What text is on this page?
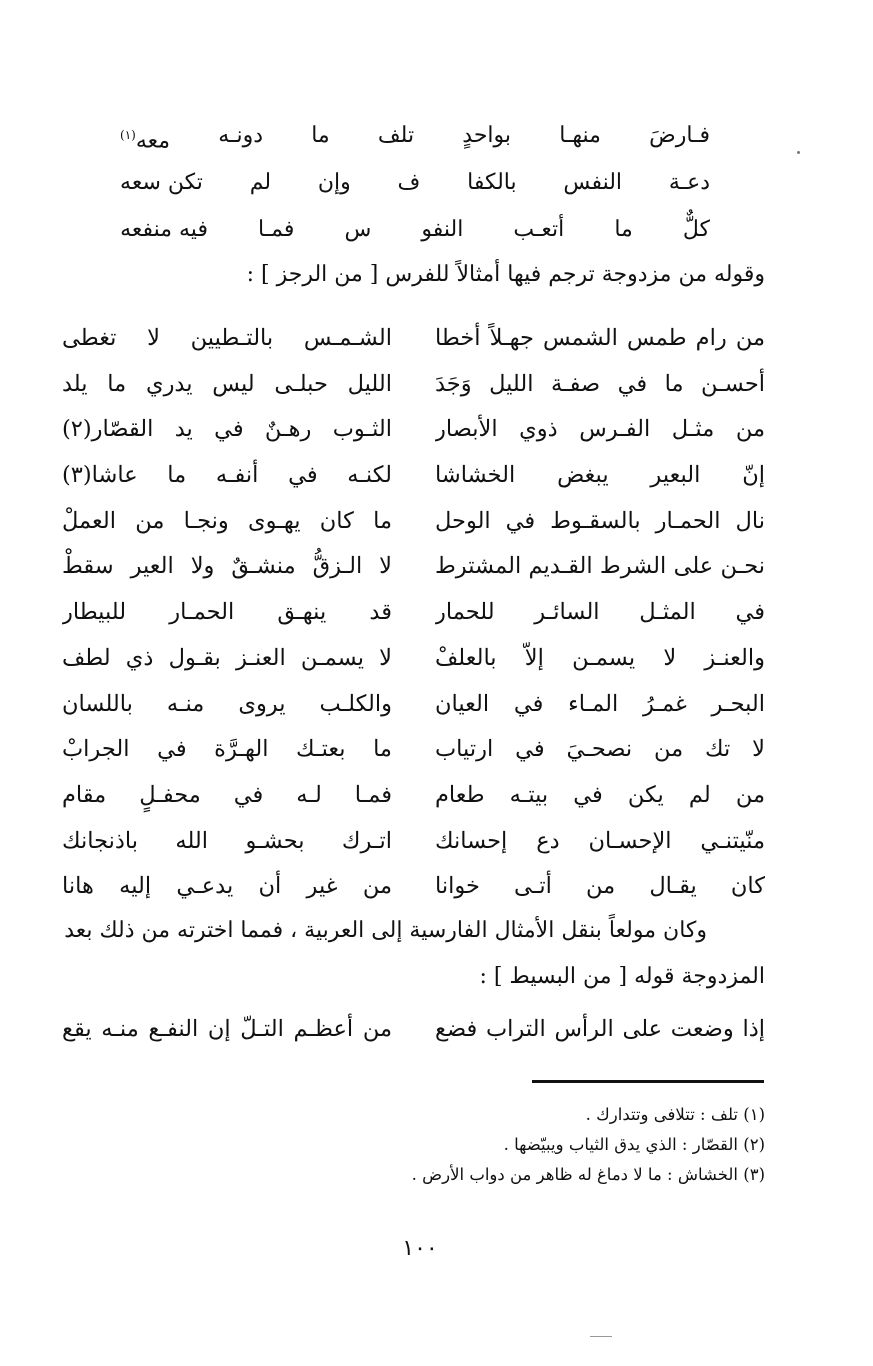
فـارضَ
منهـا
بواحدٍ
تلف
ما
دونـه
معه$^{(١)}$
دعـة
النفس
بالكفا
ف
وإن
لم
تكن سعه
كلٌّ
ما
أتعـب
النفو
س
فمـا
فيه منفعه
وقوله من مزدوجة ترجم فيها أمثالاً للفرس [ من الرجز ] :
من رام طمس الشمس جهـلاً أخطا
الشـمـس بالتـطيين لا تغطى
أحسـن ما في صفـة الليل وَجَدَ
الليل حبلـى ليس يدري ما يلد
من مثـل الفـرس ذوي الأبصار
الثـوب رهـنٌ في يد القصّار(٢)
إنّ البعير يبغض الخشاشا
لكنـه في أنفـه ما عاشا(٣)
نال الحمـار بالسقـوط في الوحل
ما كان يهـوى ونجـا من العملْ
نحـن على الشرط القـديم المشترط
لا الـزقُّ منشـقٌ ولا العير سقطْ
في المثـل السائـر للحمار
قد ينهـق الحمـار للبيطار
والعنـز لا يسمـن إلاّ بالعلفْ
لا يسمـن العنـز بقـول ذي لطف
البحـر غمـرُ المـاء في العيان
والكلـب يروى منـه باللسان
لا تك من نصحـيَ في ارتياب
ما بعتـك الهـرَّة في الجرابْ
من لم يكن في بيتـه طعام
فمـا لـه في محفـلٍ مقام
منّيتنـي الإحسـان دع إحسانك
اتـرك بحشـو الله باذنجانك
كان يقـال من أتـى خوانا
من غير أن يدعـي إليه هانا
وكان مولعاً بنقل الأمثال الفارسية إلى العربية ، فمما اخترته من ذلك بعد
المزدوجة قوله [ من البسيط ] :
إذا وضعت على الرأس التراب فضع
من أعظـم التـلّ إن النفـع منـه يقع
(١) تلف : تتلافى وتتدارك .
(٢) القصّار : الذي يدق الثياب ويبيّضها .
(٣) الخشاش : ما لا دماغ له ظاهر من دواب الأرض .
١٠٠
